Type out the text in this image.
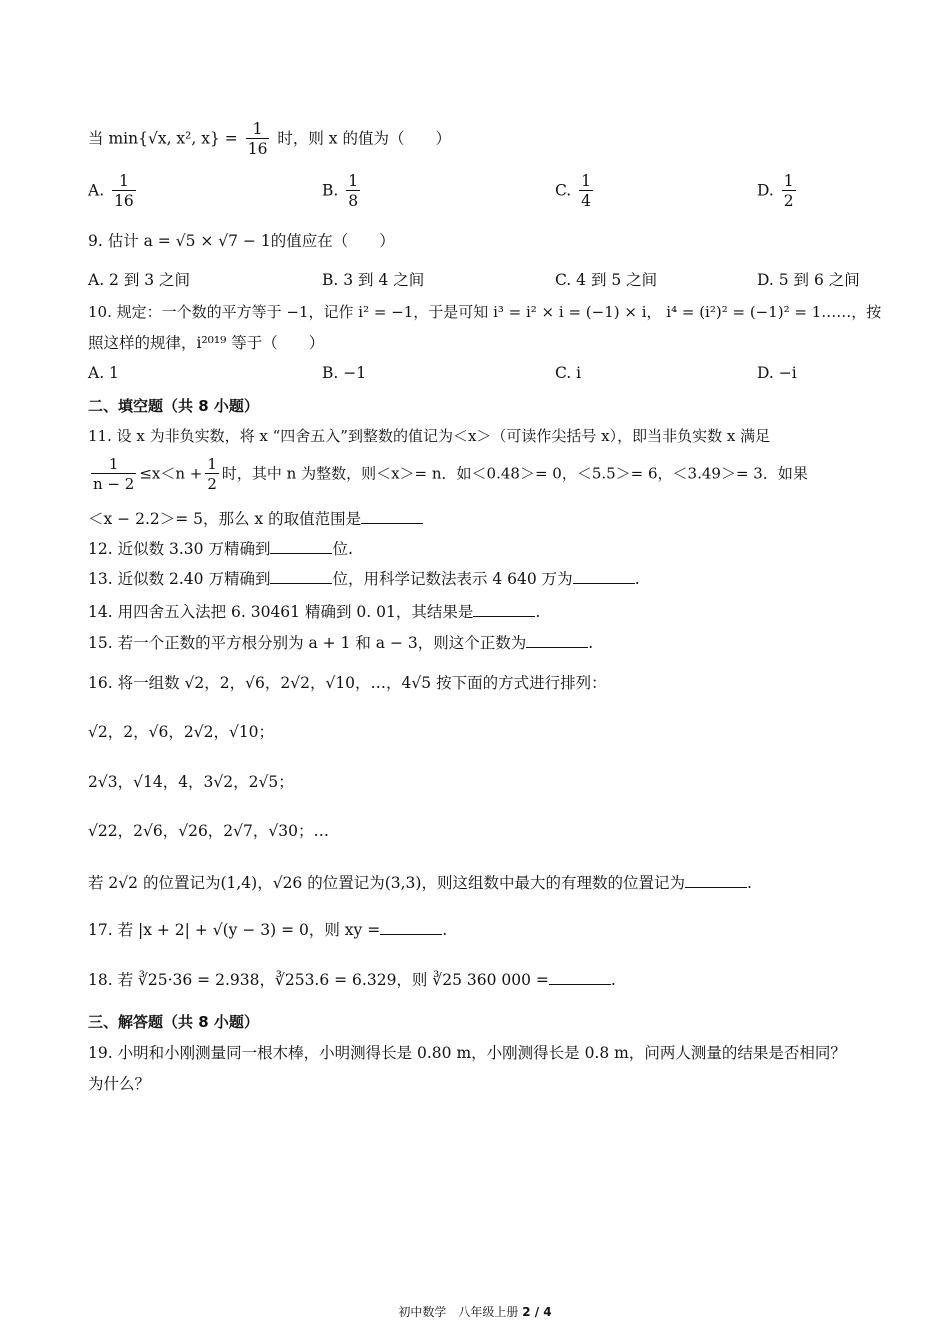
当 min{√x, x², $x\} = \frac{1}{16}$ 时，则 x 的值为（　　）
A. $\frac{1}{16}$	B. $\frac{1}{8}$	C. $\frac{1}{4}$	D. $\frac{1}{2}$
9. 估计 a = √5 × √7 − 1的值应在（　　）
A. 2 到 3 之间	B. 3 到 4 之间	C. 4 到 5 之间	D. 5 到 6 之间
10. 规定：一个数的平方等于 −1，记作 i² = −1，于是可知 i³ = i² × i = (−1) × i， i⁴ = (i²)² = (−1)² = 1……，按
照这样的规律，i²⁰¹⁹ 等于（　　）
A. 1	B. −1	C. i	D. −i
二、填空题（共 8 小题）
11. 设 x 为非负实数，将 x “四舍五入”到整数的值记为＜x＞（可读作尖括号 x），即当非负实数 x 满足
$\frac{1}{n - 2} \le x<n + \frac{1}{2}$ 时，其中 n 为整数，则＜x＞= n．如＜0.48＞= 0，＜5.5＞= 6，＜3.49＞= 3．如果
＜x − 2.2＞= 5，那么 x 的取值范围是
12. 近似数 3.30 万精确到	位.
13. 近似数 2.40 万精确到	位，用科学记数法表示 4 640 万为	.
14. 用四舍五入法把 6. 30461 精确到 0. 01，其结果是	.
15. 若一个正数的平方根分别为 a + 1 和 a − 3，则这个正数为	.
16. 将一组数 √2，2，√6，2√2，√10，…，4√5 按下面的方式进行排列：
√2，2，√6，2√2，√10；
2√3，√14，4，3√2，2√5；
√22，2√6，√26，2√7，√30；…
若 2√2 的位置记为(1,4)，√26 的位置记为(3,3)，则这组数中最大的有理数的位置记为	.
17. 若 |x + 2| + √(y − 3) = 0，则 xy =	.
18. 若 ∛25·36 = 2.938，∛253.6 = 6.329，则 ∛25 360 000 =	.
三、解答题（共 8 小题）
19. 小明和小刚测量同一根木棒，小明测得长是 0.80 m，小刚测得长是 0.8 m，问两人测量的结果是否相同？
为什么？
初中数学　八年级上册 2 / 4
